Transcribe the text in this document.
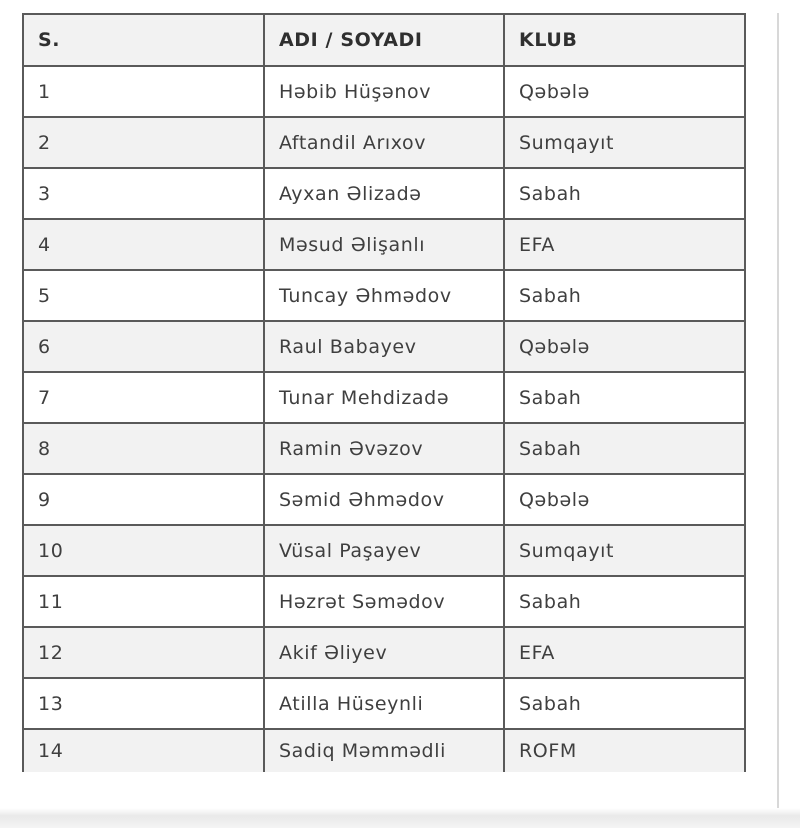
S.	ADI / SOYADI	KLUB
1	Həbib Hüşənov	Qəbələ
2	Aftandil Arıxov	Sumqayıt
3	Ayxan Əlizadə	Sabah
4	Məsud Əlişanlı	EFA
5	Tuncay Əhmədov	Sabah
6	Raul Babayev	Qəbələ
7	Tunar Mehdizadə	Sabah
8	Ramin Əvəzov	Sabah
9	Səmid Əhmədov	Qəbələ
10	Vüsal Paşayev	Sumqayıt
11	Həzrət Səmədov	Sabah
12	Akif Əliyev	EFA
13	Atilla Hüseynli	Sabah
14	Sadiq Məmmədli	ROFM
